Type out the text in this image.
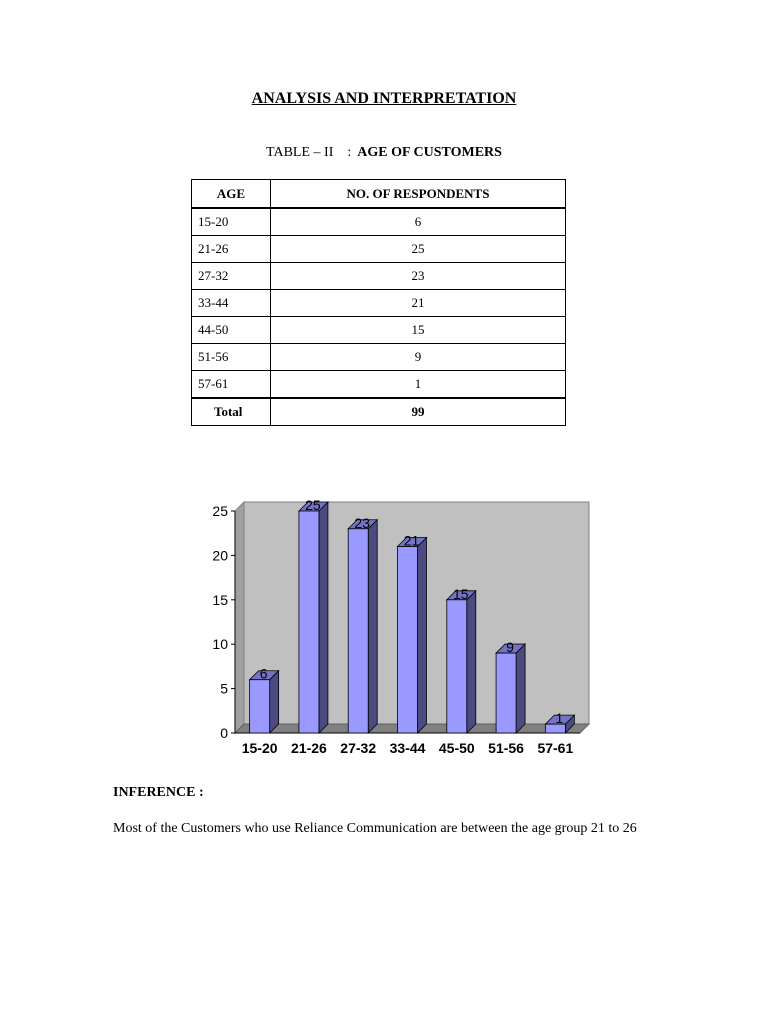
ANALYSIS AND INTERPRETATION
TABLE – II : AGE OF CUSTOMERS
AGE	NO. OF RESPONDENTS
15-20	6
21-26	25
27-32	23
33-44	21
44-50	15
51-56	9
57-61	1
Total	99
0
5
10
15
20
25
6
15-20
25
21-26
23
27-32
21
33-44
15
45-50
9
51-56
1
57-61
INFERENCE :
Most of the Customers who use Reliance Communication are between the age group 21 to 26
